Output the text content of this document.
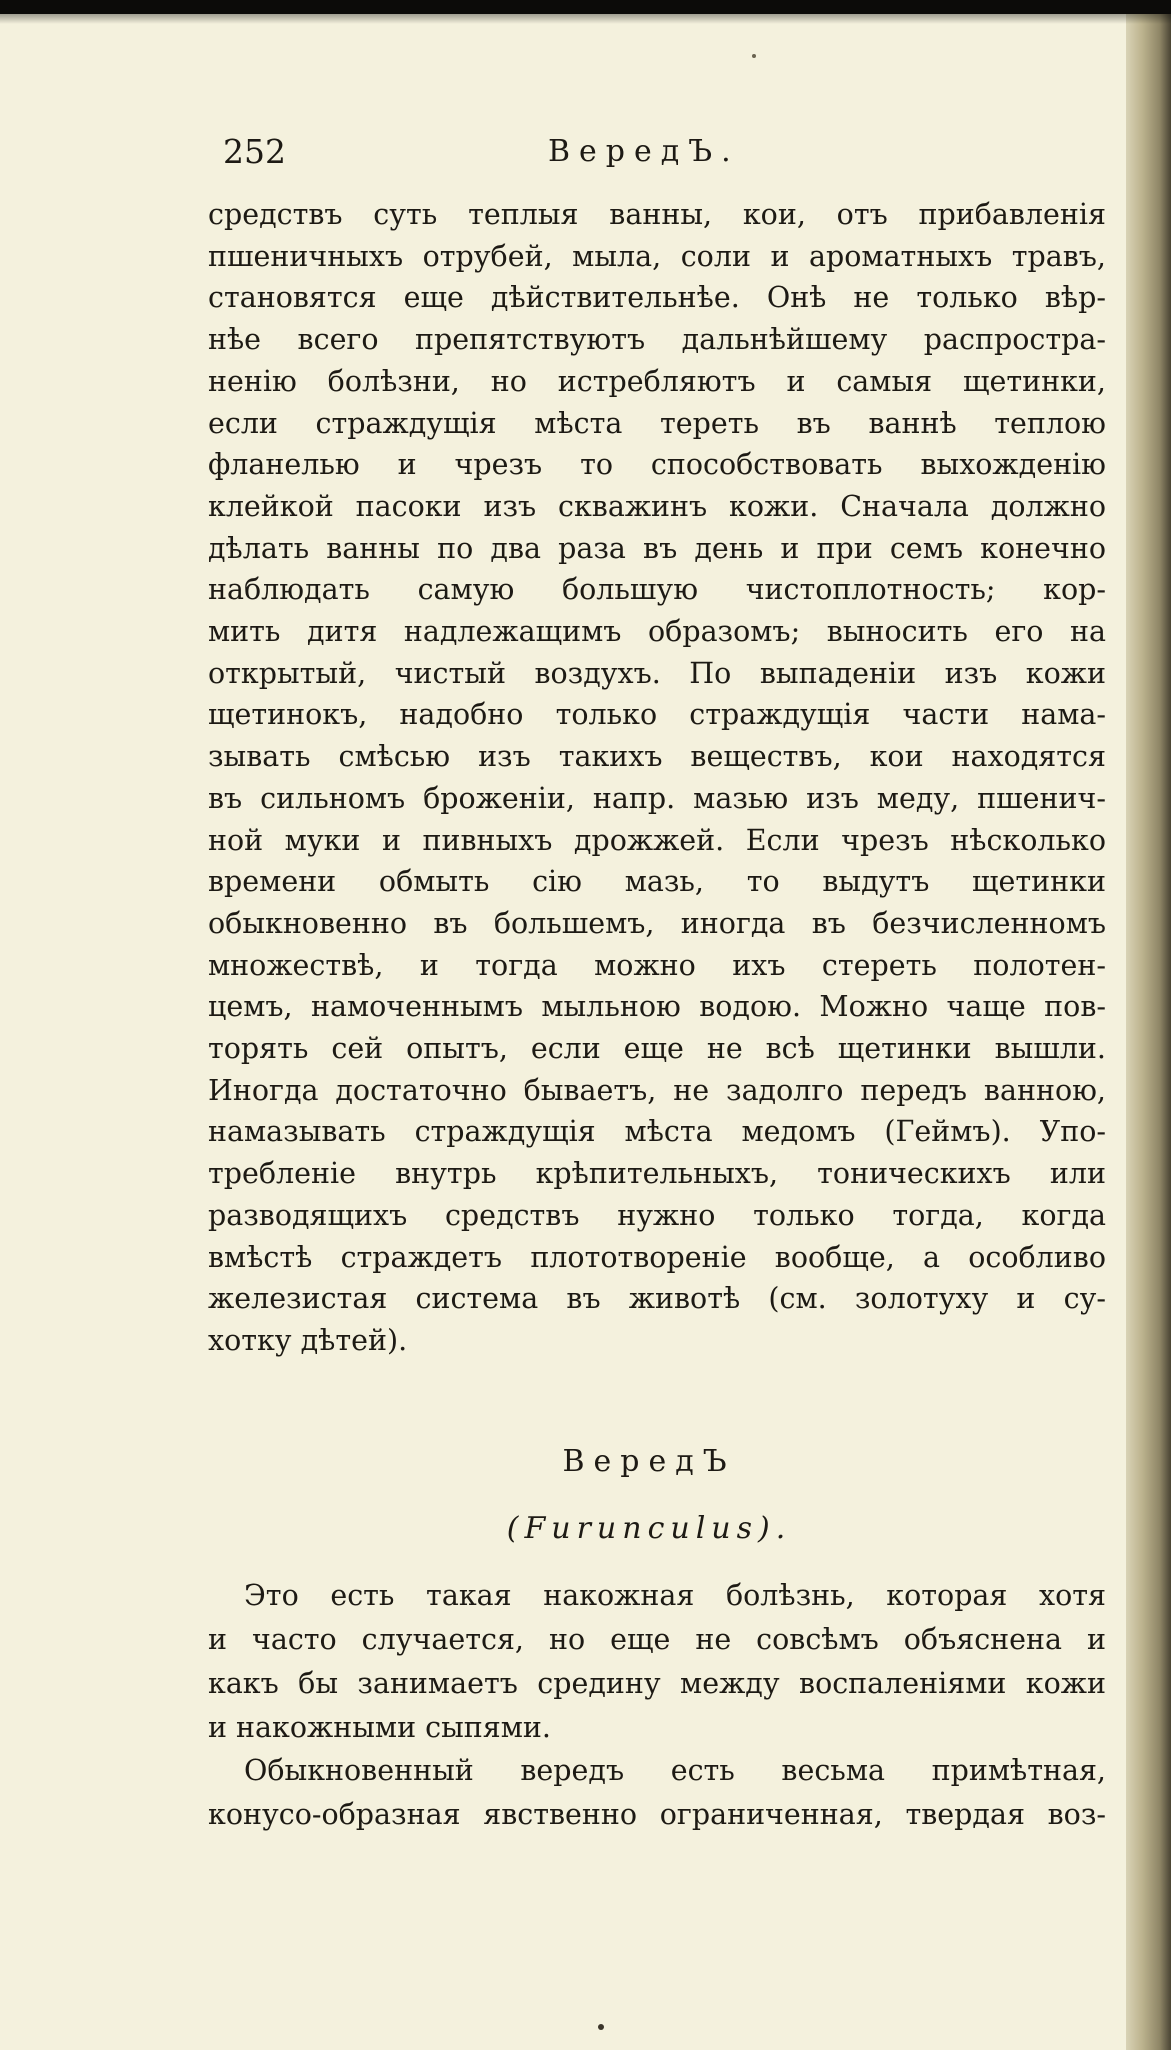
252	ВередЪ.
средствъ суть теплыя ванны, кои, отъ прибавленія
пшеничныхъ отрубей, мыла, соли и ароматныхъ травъ,
становятся еще дѣйствительнѣе. Онѣ не только вѣр-
нѣе всего препятствуютъ дальнѣйшему распростра-
ненію болѣзни, но истребляютъ и самыя щетинки,
если страждущія мѣста тереть въ ваннѣ теплою
фланелью и чрезъ то способствовать выхожденію
клейкой пасоки изъ скважинъ кожи. Сначала должно
дѣлать ванны по два раза въ день и при семъ конечно
наблюдать самую большую чистоплотность; кор-
мить дитя надлежащимъ образомъ; выносить его на
открытый, чистый воздухъ. По выпаденіи изъ кожи
щетинокъ, надобно только страждущія части нама-
зывать смѣсью изъ такихъ веществъ, кои находятся
въ сильномъ броженіи, напр. мазью изъ меду, пшенич-
ной муки и пивныхъ дрожжей. Если чрезъ нѣсколько
времени обмыть сію мазь, то выдутъ щетинки
обыкновенно въ большемъ, иногда въ безчисленномъ
множествѣ, и тогда можно ихъ стереть полотен-
цемъ, намоченнымъ мыльною водою. Можно чаще пов-
торять сей опытъ, если еще не всѣ щетинки вышли.
Иногда достаточно бываетъ, не задолго передъ ванною,
намазывать страждущія мѣста медомъ (Геймъ). Упо-
требленіе внутрь крѣпительныхъ, тоническихъ или
разводящихъ средствъ нужно только тогда, когда
вмѣстѣ страждетъ плототвореніе вообще, а особливо
железистая система въ животѣ (см. золотуху и су-
хотку дѣтей).
ВередЪ
(Furunculus).
Это есть такая накожная болѣзнь, которая хотя
и часто случается, но еще не совсѣмъ объяснена и
какъ бы занимаетъ средину между воспаленіями кожи
и накожными сыпями.
Обыкновенный вередъ есть весьма примѣтная,
конусо-образная явственно ограниченная, твердая воз-
